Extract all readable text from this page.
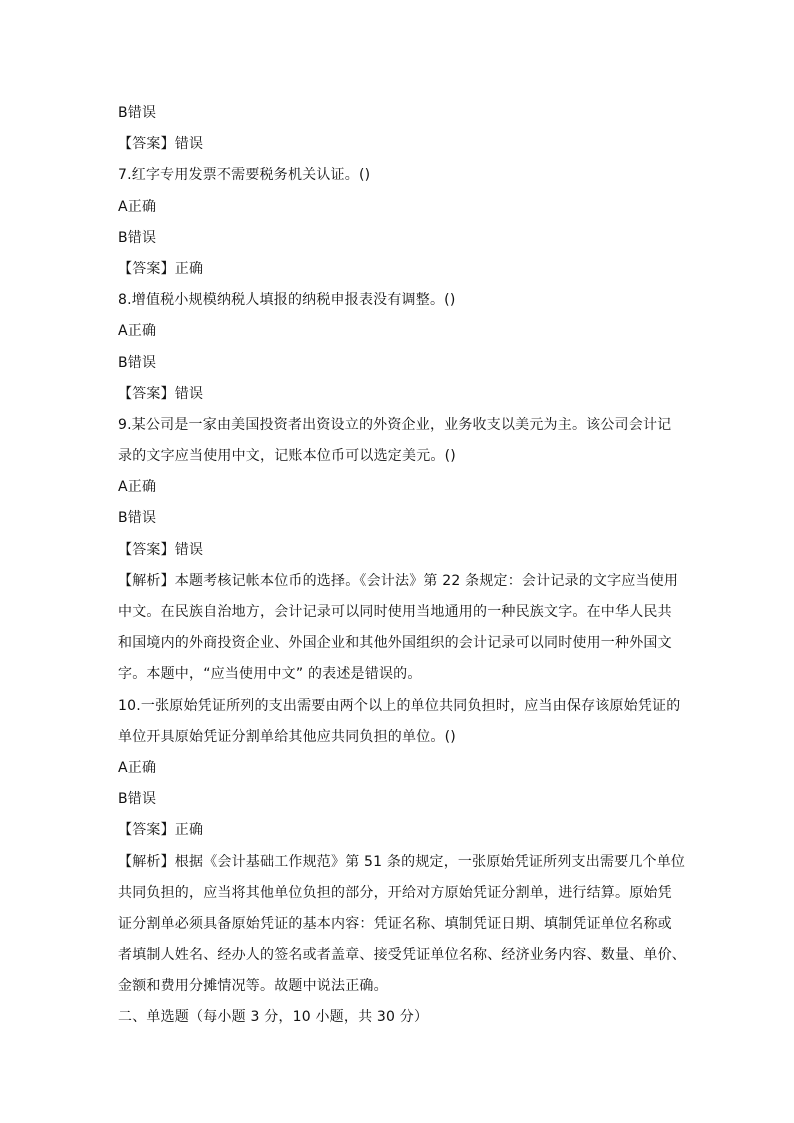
B错误
【答案】错误
7.红字专用发票不需要税务机关认证。()
A正确
B错误
【答案】正确
8.增值税小规模纳税人填报的纳税申报表没有调整。()
A正确
B错误
【答案】错误
9.某公司是一家由美国投资者出资设立的外资企业，业务收支以美元为主。该公司会计记
录的文字应当使用中文，记账本位币可以选定美元。()
A正确
B错误
【答案】错误
【解析】本题考核记帐本位币的选择。《会计法》第 22 条规定：会计记录的文字应当使用
中文。在民族自治地方，会计记录可以同时使用当地通用的一种民族文字。在中华人民共
和国境内的外商投资企业、外国企业和其他外国组织的会计记录可以同时使用一种外国文
字。本题中，“应当使用中文” 的表述是错误的。
10.一张原始凭证所列的支出需要由两个以上的单位共同负担时，应当由保存该原始凭证的
单位开具原始凭证分割单给其他应共同负担的单位。()
A正确
B错误
【答案】正确
【解析】根据《会计基础工作规范》第 51 条的规定，一张原始凭证所列支出需要几个单位
共同负担的，应当将其他单位负担的部分，开给对方原始凭证分割单，进行结算。原始凭
证分割单必须具备原始凭证的基本内容：凭证名称、填制凭证日期、填制凭证单位名称或
者填制人姓名、经办人的签名或者盖章、接受凭证单位名称、经济业务内容、数量、单价、
金额和费用分摊情况等。故题中说法正确。
二、单选题（每小题 3 分，10 小题，共 30 分）
